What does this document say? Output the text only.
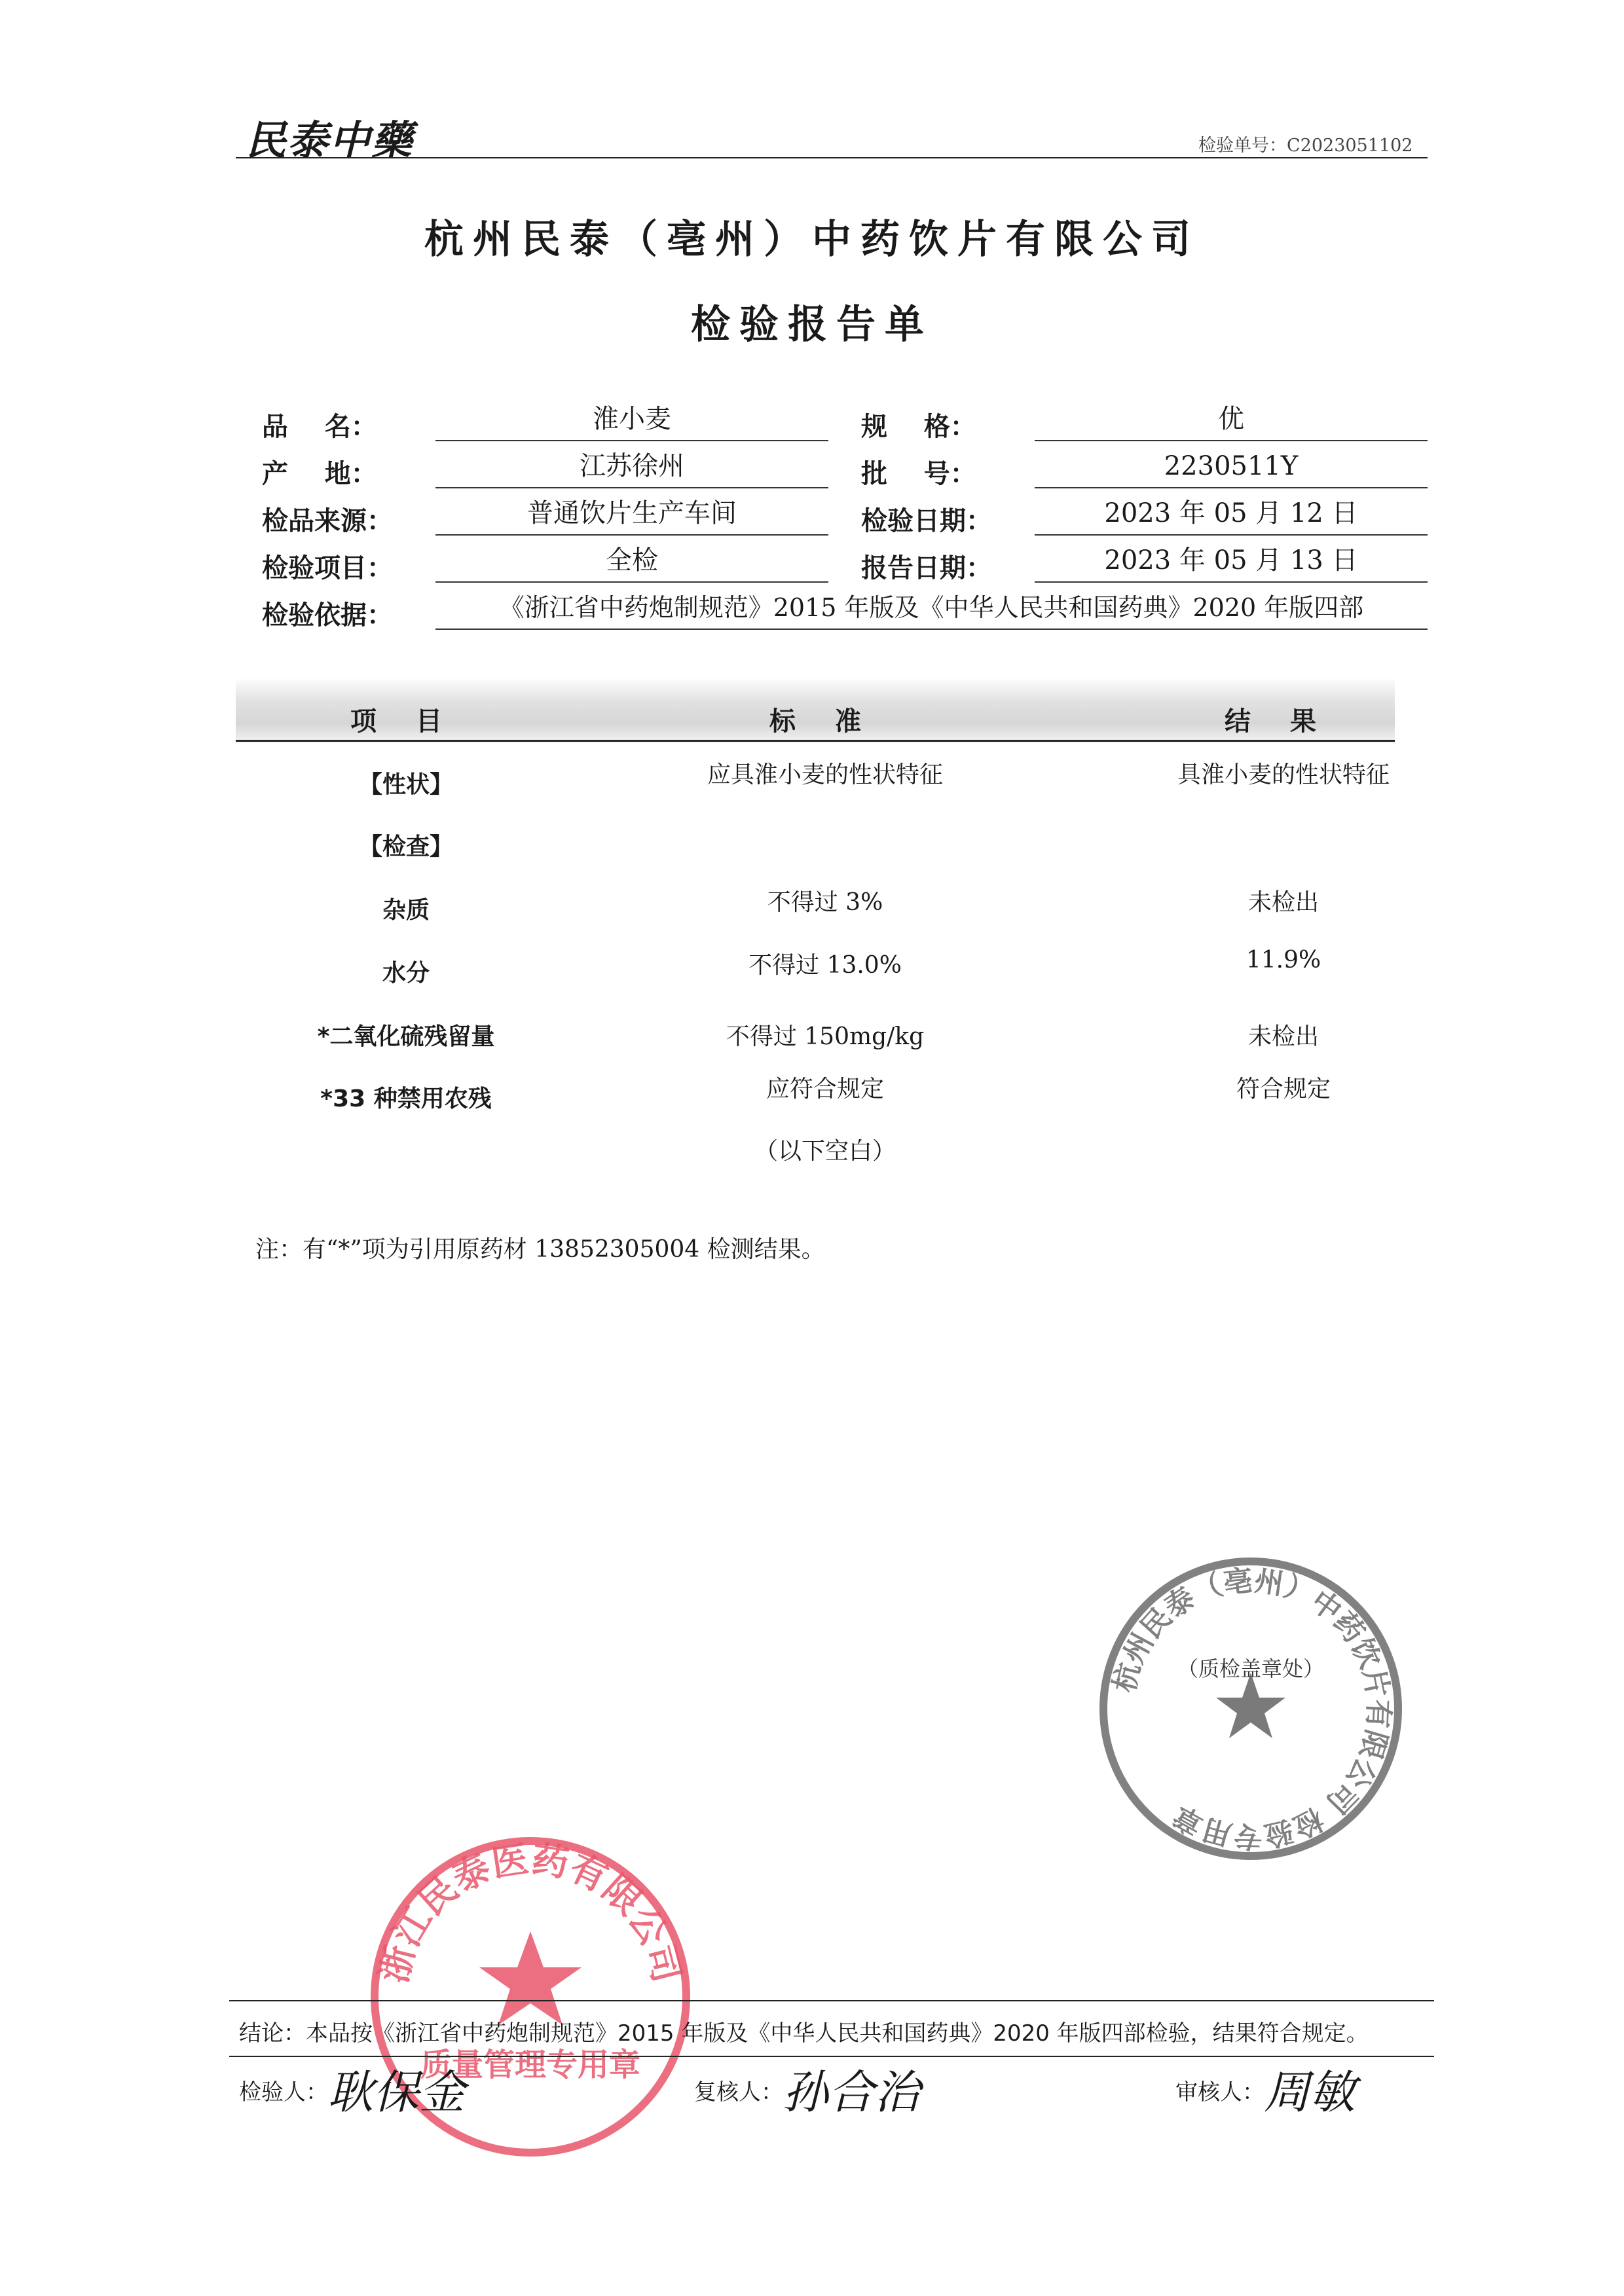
民泰中藥	检验单号：C2023051102
杭州民泰（亳州）中药饮片有限公司
检验报告单
品    名：	淮小麦	规    格：	优
产    地：	江苏徐州	批    号：	2230511Y
检品来源：	普通饮片生产车间	检验日期：	2023 年 05 月 12 日
检验项目：	全检	报告日期：	2023 年 05 月 13 日
检验依据：	《浙江省中药炮制规范》2015 年版及《中华人民共和国药典》2020 年版四部
项目	标准	结果
【性状】	应具淮小麦的性状特征	具淮小麦的性状特征
【检查】
杂质	不得过 3%	未检出
水分	不得过 13.0%	11.9%
*二氧化硫残留量	不得过 150mg/kg	未检出
*33 种禁用农残	应符合规定	符合规定
（以下空白）
注：有“*”项为引用原药材 13852305004 检测结果。
杭州民泰（亳州）中药饮片有限公司 检验专用章
（质检盖章处）
浙江民泰医药有限公司
质量管理专用章
结论：本品按《浙江省中药炮制规范》2015 年版及《中华人民共和国药典》2020 年版四部检验，结果符合规定。
检验人： 耿保金	复核人： 孙合治	审核人： 周敏
